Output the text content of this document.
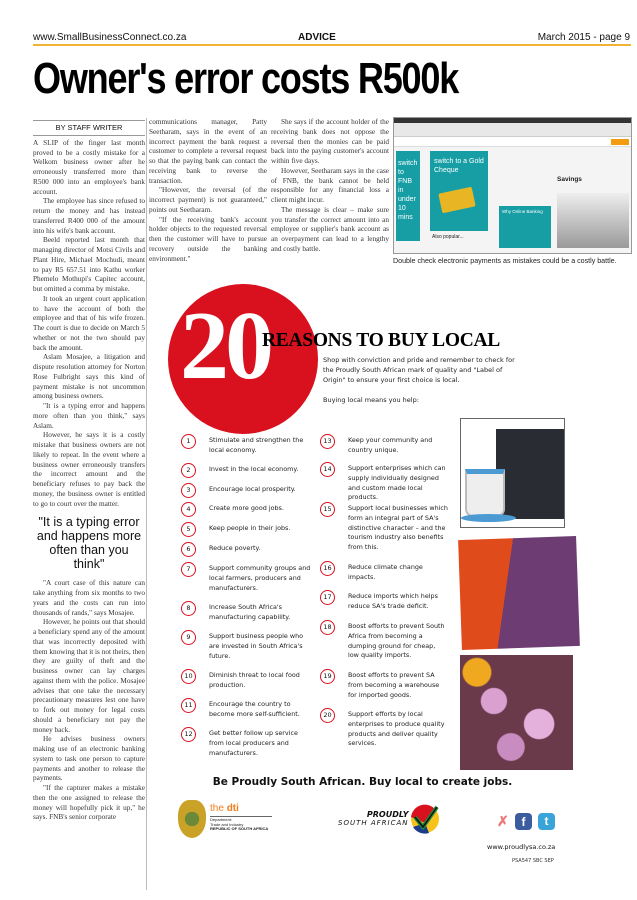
www.SmallBusinessConnect.co.za	ADVICE	March 2015 - page 9
Owner's error costs R500k
BY STAFF WRITER

A SLIP of the finger last month proved to be a costly mistake for a Welkom business owner after he erroneously transferred more than R500 000 into an employee's bank account.

The employee has since refused to return the money and has instead transferred R400 000 of the amount into his wife's bank account.

Beeld reported last month that managing director of Motsi Civils and Plant Hire, Michael Mochudi, meant to pay R5 657.51 into Kathu worker Phemelo Mothupi's Capitec account, but omitted a comma by mistake.

It took an urgent court application to have the account of both the employee and that of his wife frozen. The court is due to decide on March 5 whether or not the two should pay back the amount.

Aslam Mosajee, a litigation and dispute resolution attorney for Norton Rose Fulbright says this kind of payment mistake is not uncommon among business owners.

"It is a typing error and happens more often than you think," says Aslam.

However, he says it is a costly mistake that business owners are not likely to repeat. In the event where a business owner erroneously transfers the incorrect amount and the beneficiary refuses to pay back the money, the business owner is entitled to go to court over the matter.

"It is a typing error and happens more often than you think"

"A court case of this nature can take anything from six months to two years and the costs can run into thousands of rands," says Mosajee.

However, he points out that should a beneficiary spend any of the amount that was incorrectly deposited with them knowing that it is not theirs, then they are guilty of theft and the business owner can lay charges against them with the police. Mosajee advises that one take the necessary precautionary measures lest one have to fork out money for legal costs should a beneficiary not pay the money back.

He advises business owners making use of an electronic banking system to task one person to capture payments and another to release the payments.

"If the capturer makes a mistake then the one assigned to release the money will hopefully pick it up," he says. FNB's senior corporate

communications manager, Patty Seetharam, says in the event of an incorrect payment the bank request a customer to complete a reversal request so that the paying bank can contact the receiving bank to reverse the transaction.

"However, the reversal (of the incorrect payment) is not guaranteed," points out Seetharam.

"If the receiving bank's account holder objects to the requested reversal then the customer will have to pursue recovery outside the banking environment."

She says if the account holder of the receiving bank does not oppose the reversal then the monies can be paid back into the paying customer's account within five days.

However, Seetharam says in the case of FNB, the bank cannot be held responsible for any financial loss a client might incur.

The message is clear – make sure you transfer the correct amount into an employee or supplier's bank account as an overpayment can lead to a lengthy and costly battle.

switch to FNB in under 10 mins
switch to a Gold Cheque
Also popular...
Why Online Banking
Savings
Double check electronic payments as mistakes could be a costly battle.
20
REASONS TO BUY LOCAL
Shop with conviction and pride and remember to check for the Proudly South African mark of quality and "Label of Origin" to ensure your first choice is local.
Buying local means you help:
1	Stimulate and strengthen the local economy.
2	Invest in the local economy.
3	Encourage local prosperity.
4	Create more good jobs.
5	Keep people in their jobs.
6	Reduce poverty.
7	Support community groups and local farmers, producers and manufacturers.
8	Increase South Africa's manufacturing capability.
9	Support business people who are invested in South Africa's future.
10	Diminish threat to local food production.
11	Encourage the country to become more self-sufficient.
12	Get better follow up service from local producers and manufacturers.
13	Keep your community and country unique.
14	Support enterprises which can supply individually designed and custom made local products.
15	Support local businesses which form an integral part of SA's distinctive character – and the tourism industry also benefits from this.
16	Reduce climate change impacts.
17	Reduce imports which helps reduce SA's trade deficit.
18	Boost efforts to prevent South Africa from becoming a dumping ground for cheap, low quality imports.
19	Boost efforts to prevent SA from becoming a warehouse for imported goods.
20	Support efforts by local enterprises to produce quality products and deliver quality services.
Be Proudly South African. Buy local to create jobs.
the dti
Department:
Trade and Industry
REPUBLIC OF SOUTH AFRICA
PROUDLY
SOUTH AFRICAN	✗	f	t
www.proudlysa.co.za
PSA547 SBC SEP
